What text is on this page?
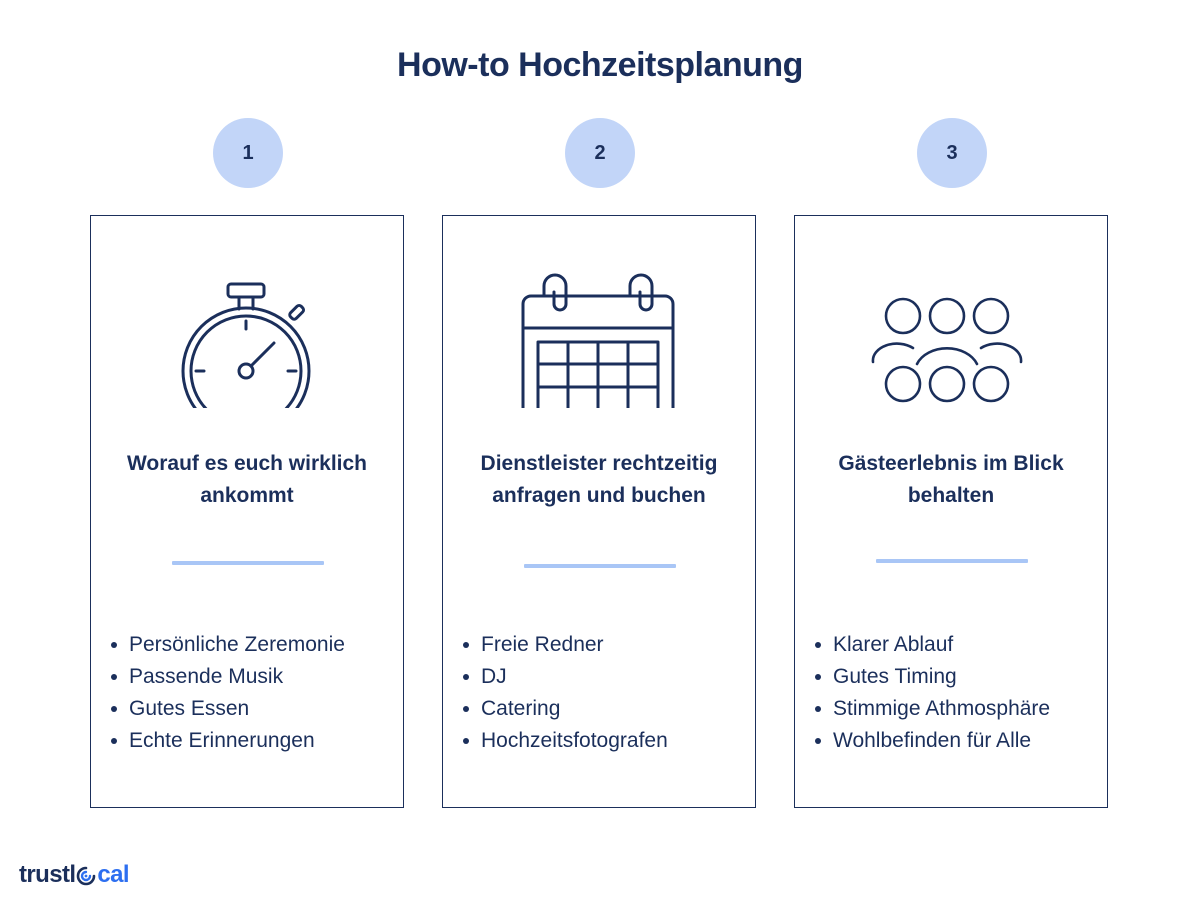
How-to Hochzeitsplanung
1	2	3
Worauf es euch wirklich
ankommt
Persönliche Zeremonie
Passende Musik
Gutes Essen
Echte Erinnerungen
Dienstleister rechtzeitig
anfragen und buchen
Freie Redner
DJ
Catering
Hochzeitsfotografen
Gästeerlebnis im Blick
behalten
Klarer Ablauf
Gutes Timing
Stimmige Athmosphäre
Wohlbefinden für Alle
trust l cal
